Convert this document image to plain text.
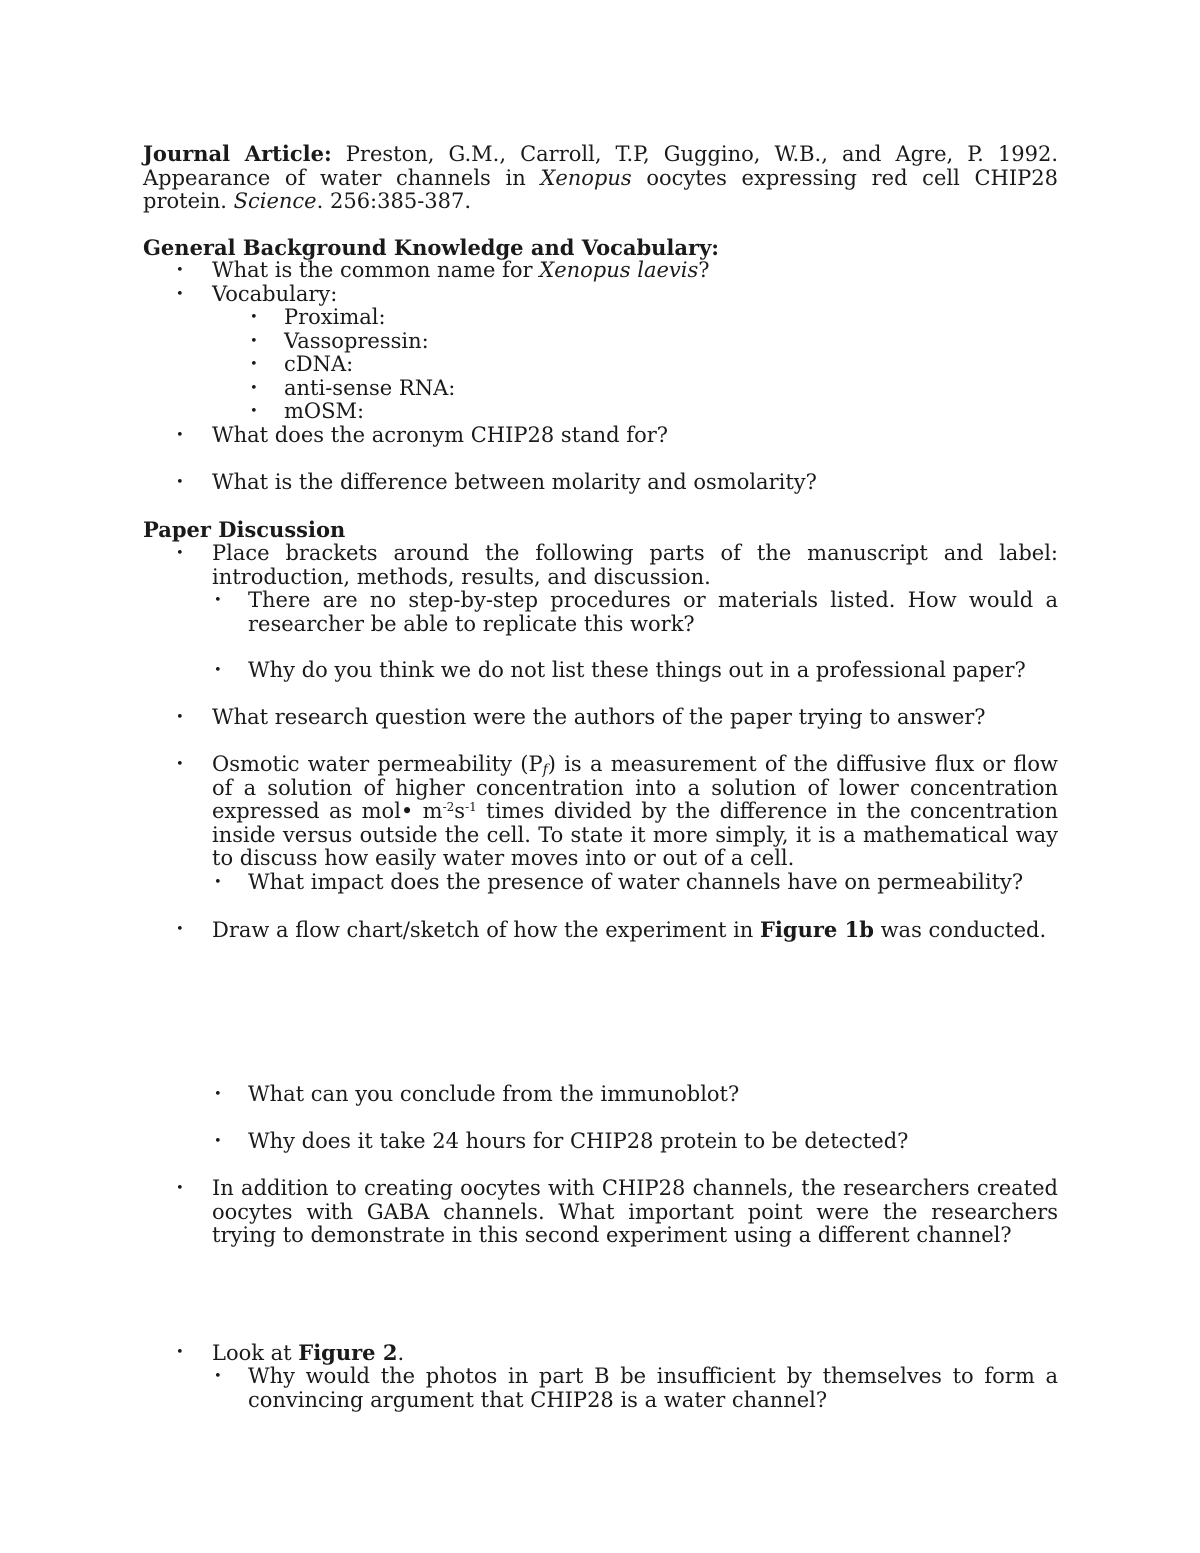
Journal Article: Preston, G.M., Carroll, T.P, Guggino, W.B., and Agre, P. 1992. Appearance of water channels in Xenopus oocytes expressing red cell CHIP28 protein. Science. 256:385-387.

General Background Knowledge and Vocabulary:
• What is the common name for Xenopus laevis?
• Vocabulary:
• Proximal:
• Vassopressin:
• cDNA:
• anti-sense RNA:
• mOSM:
• What does the acronym CHIP28 stand for?
• What is the difference between molarity and osmolarity?
Paper Discussion
• Place brackets around the following parts of the manuscript and label: introduction, methods, results, and discussion.

• There are no step-by-step procedures or materials listed. How would a researcher be able to replicate this work?

• Why do you think we do not list these things out in a professional paper?
• What research question were the authors of the paper trying to answer?
• Osmotic water permeability $(P_f)$ is a measurement of the diffusive flux or flow of a solution of higher concentration into a solution of lower concentration expressed as mol• $m^{-2}s^{-1}$ times divided by the difference in the concentration inside versus outside the cell. To state it more simply, it is a mathematical way to discuss how easily water moves into or out of a cell.

• What impact does the presence of water channels have on permeability?
• Draw a flow chart/sketch of how the experiment in Figure 1b was conducted.
• What can you conclude from the immunoblot?
• Why does it take 24 hours for CHIP28 protein to be detected?
• In addition to creating oocytes with CHIP28 channels, the researchers created oocytes with GABA channels. What important point were the researchers trying to demonstrate in this second experiment using a different channel?

• Look at Figure 2.
• Why would the photos in part B be insufficient by themselves to form a convincing argument that CHIP28 is a water channel?
